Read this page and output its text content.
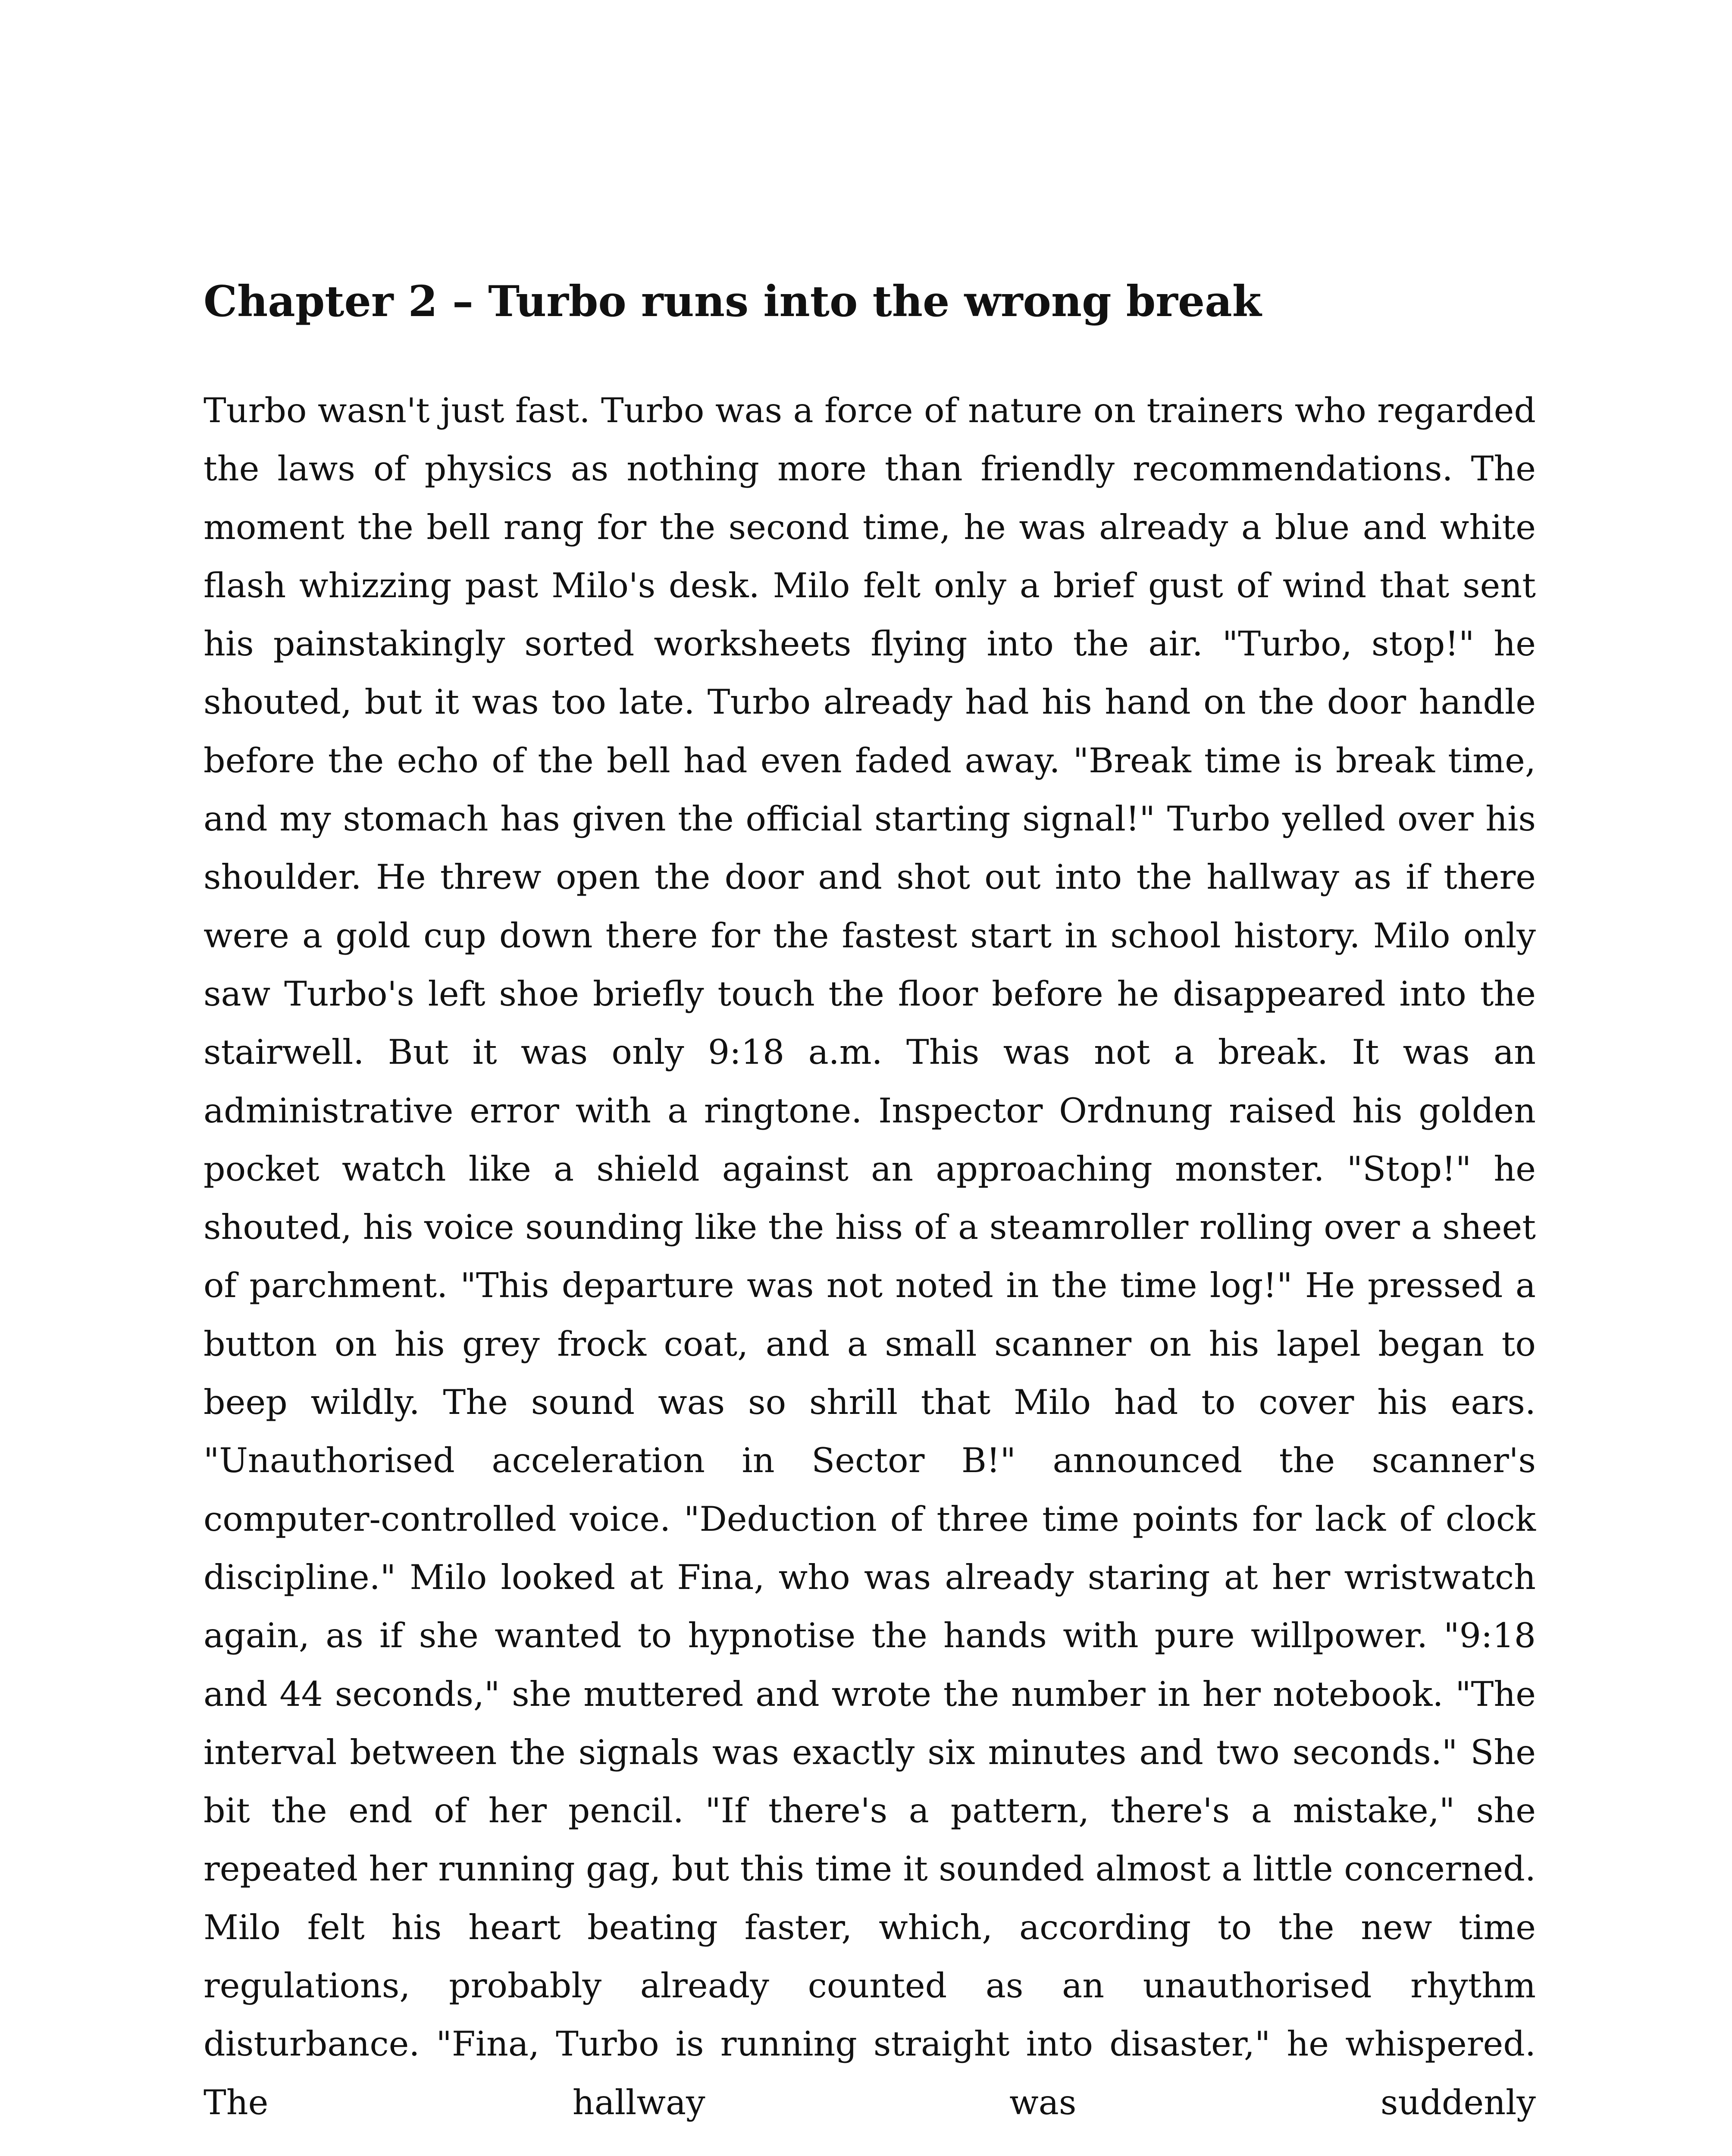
Chapter 2 – Turbo runs into the wrong break

Turbo wasn't just fast. Turbo was a force of nature on trainers who regarded the laws of physics as nothing more than friendly recommendations. The moment the bell rang for the second time, he was already a blue and white flash whizzing past Milo's desk. Milo felt only a brief gust of wind that sent his painstakingly sorted worksheets flying into the air. "Turbo, stop!" he shouted, but it was too late. Turbo already had his hand on the door handle before the echo of the bell had even faded away. "Break time is break time, and my stomach has given the official starting signal!" Turbo yelled over his shoulder. He threw open the door and shot out into the hallway as if there were a gold cup down there for the fastest start in school history. Milo only saw Turbo's left shoe briefly touch the floor before he disappeared into the stairwell. But it was only 9:18 a.m. This was not a break. It was an administrative error with a ringtone. Inspector Ordnung raised his golden pocket watch like a shield against an approaching monster. "Stop!" he shouted, his voice sounding like the hiss of a steamroller rolling over a sheet of parchment. "This departure was not noted in the time log!" He pressed a button on his grey frock coat, and a small scanner on his lapel began to beep wildly. The sound was so shrill that Milo had to cover his ears. "Unauthorised acceleration in Sector B!" announced the scanner's computer-controlled voice. "Deduction of three time points for lack of clock discipline." Milo looked at Fina, who was already staring at her wristwatch again, as if she wanted to hypnotise the hands with pure willpower. "9:18 and 44 seconds," she muttered and wrote the number in her notebook. "The interval between the signals was exactly six minutes and two seconds." She bit the end of her pencil. "If there's a pattern, there's a mistake," she repeated her running gag, but this time it sounded almost a little concerned. Milo felt his heart beating faster, which, according to the new time regulations, probably already counted as an unauthorised rhythm disturbance. "Fina, Turbo is running straight into disaster," he whispered. The hallway was suddenly
